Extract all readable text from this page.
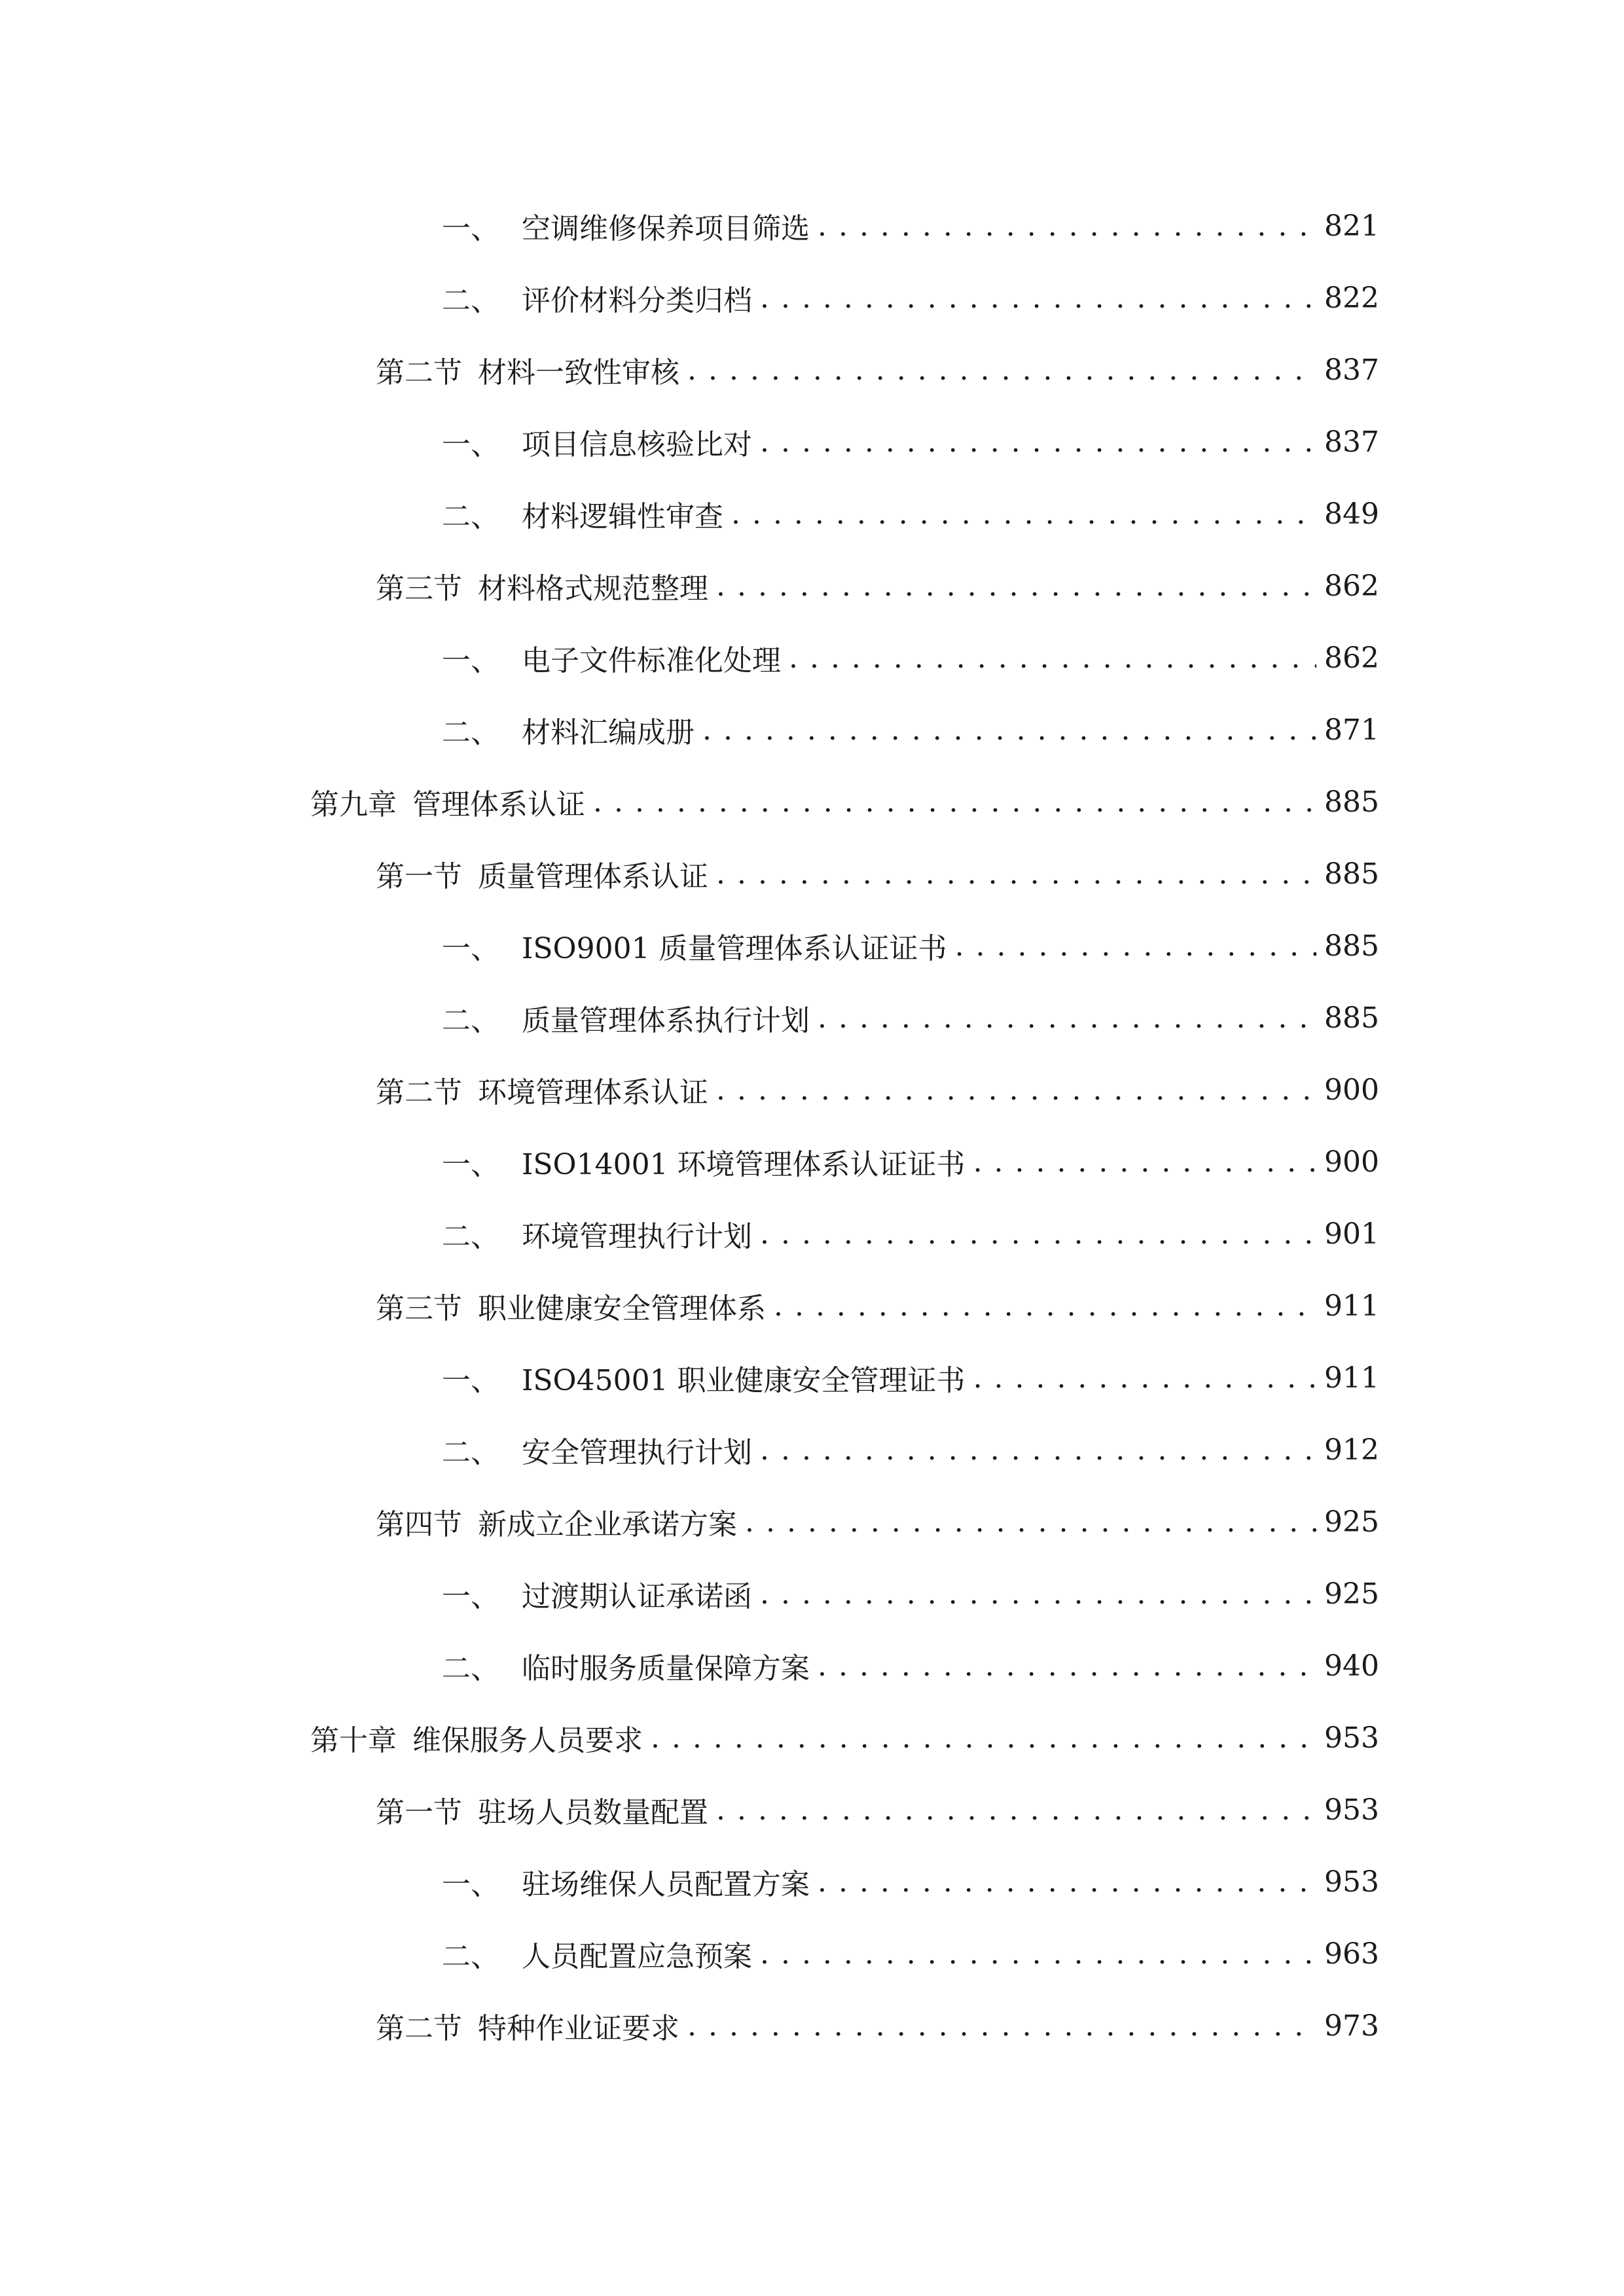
一、 空调维修保养项目筛选 . . .	821
二、 评价材料分类归档 . . .	822
第二节 材料一致性审核 . . .	837
一、 项目信息核验比对 . . .	837
二、 材料逻辑性审查 . . .	849
第三节 材料格式规范整理 . . .	862
一、 电子文件标准化处理 . . .	862
二、 材料汇编成册 . . .	871
第九章 管理体系认证 . . .	885
第一节 质量管理体系认证 . . .	885
一、 ISO9001 质量管理体系认证证书 . . .	885
二、 质量管理体系执行计划 . . .	885
第二节 环境管理体系认证 . . .	900
一、 ISO14001 环境管理体系认证证书 . . .	900
二、 环境管理执行计划 . . .	901
第三节 职业健康安全管理体系 . . .	911
一、 ISO45001 职业健康安全管理证书 . . .	911
二、 安全管理执行计划 . . .	912
第四节 新成立企业承诺方案 . . .	925
一、 过渡期认证承诺函 . . .	925
二、 临时服务质量保障方案 . . .	940
第十章 维保服务人员要求 . . .	953
第一节 驻场人员数量配置 . . .	953
一、 驻场维保人员配置方案 . . .	953
二、 人员配置应急预案 . . .	963
第二节 特种作业证要求 . . .	973
